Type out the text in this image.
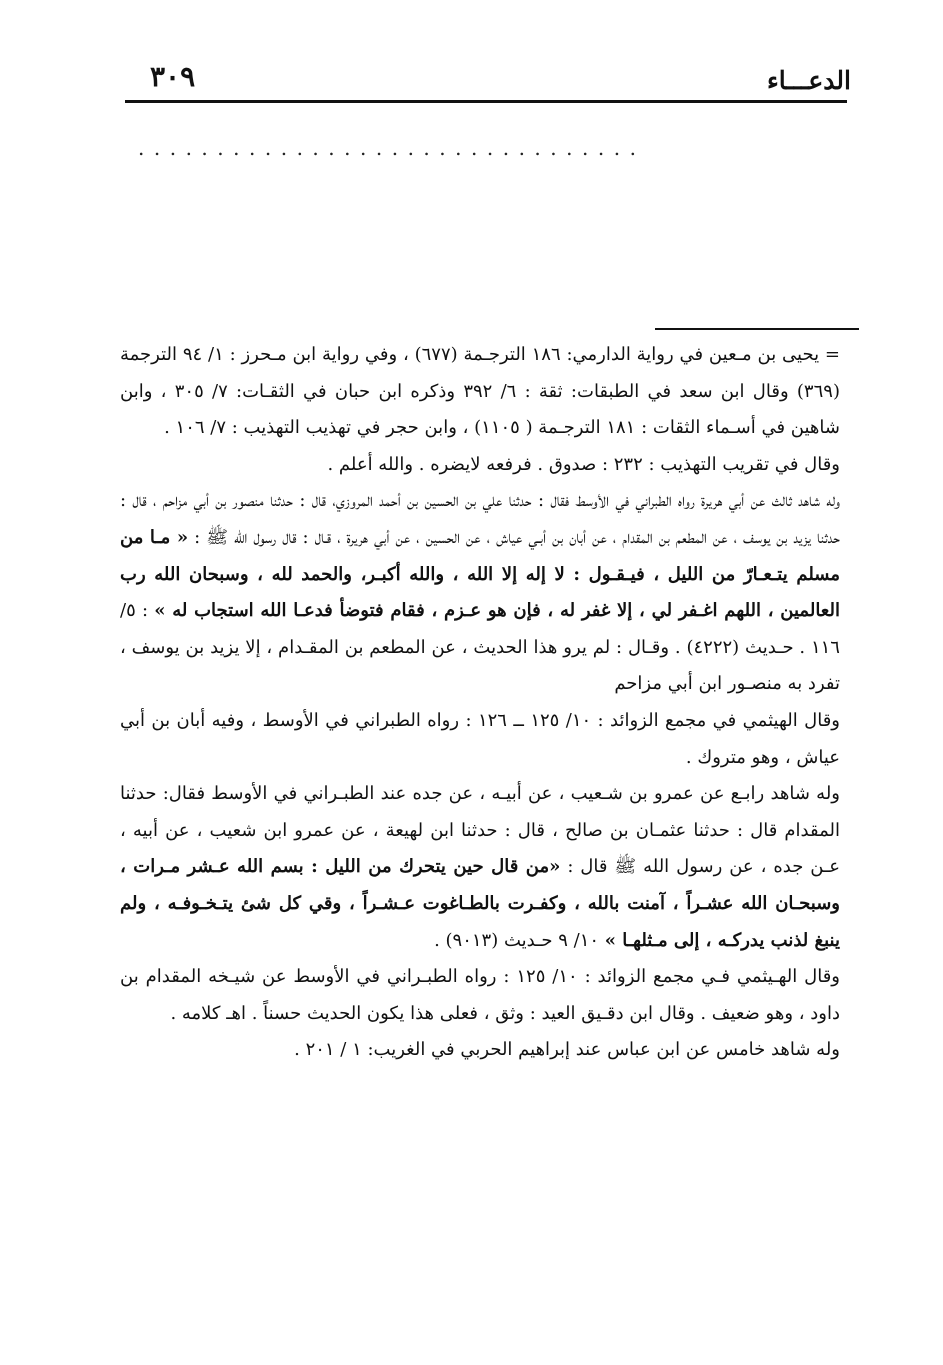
الدعـــاء
٣٠٩
................................

= يحيى بن مـعين في رواية الدارمي: ١٨٦ الترجـمة (٦٧٧) ، وفي رواية ابن مـحرز : ١/ ٩٤ الترجمة (٣٦٩) وقال ابن سعد في الطبقات: ثقة : ٦/ ٣٩٢ وذكره ابن حبان في الثقـات: ٧/ ٣٠٥ ، وابن شاهين في أسـماء الثقات : ١٨١ الترجـمة ( ١١٠٥) ، وابن حجر في تهذيب التهذيب : ٧/ ١٠٦ .

وقال في تقريب التهذيب : ٢٣٢ : صدوق . فرفعه لايضره . والله أعلم .

وله شاهد ثالث عن أبي هريرة رواه الطبراني في الأوسط فقال : حدثنا علي بن الحسين بن أحمد المروزي، قال : حدثنا منصور بن أبي مزاحم ، قال : حدثنا يزيد بن يوسف ، عن المطعم بن المقدام ، عن أبان بن أبـي عياش ، عن الحسين ، عن أبي هريرة ، قـال : قال رسول الله ﷺ : « مـا من مسلم يتـعـارّ من الليل ، فيـقـول : لا إله إلا الله ، والله أكبـر، والحمد لله ، وسبحان الله رب العالمين ، اللهم اغـفر لي ، إلا غفر له ، فإن هو عـزم ، فقام فتوضأ فدعـا الله استجاب له » : ٥/ ١١٦ . حـديث (٤٢٢٢) . وقـال : لم يرو هذا الحديث ، عن المطعم بن المقـدام ، إلا يزيد بن يوسف ، تفرد به منصـور ابن أبي مزاحم

وقال الهيثمي في مجمع الزوائد : ١٠/ ١٢٥ ــ ١٢٦ : رواه الطبراني في الأوسط ، وفيه أبان بن أبي عياش ، وهو متروك .

وله شاهد رابـع عن عمرو بن شـعيب ، عن أبيـه ، عن جده عند الطبـراني في الأوسط فقال: حدثنا المقدام قال : حدثنا عثمـان بن صالح ، قال : حدثنا ابن لهيعة ، عن عمرو ابن شعيب ، عن أبيه ، عـن جده ، عن رسول الله ﷺ قال : «من قال حين يتحرك من الليل : بسم الله عـشر مـرات ، وسبحـان الله عشـراً ، آمنت بالله ، وكفـرت بالطـاغوت عـشـراً ، وقي كل شئ يتـخـوفـه ، ولم ينبغ لذنب يدركـه ، إلى مـثلهـا » ١٠/ ٩ حـديث (٩٠١٣) .

وقال الهـيثمي فـي مجمع الزوائد : ١٠/ ١٢٥ : رواه الطبـراني في الأوسط عن شيـخه المقدام بن داود ، وهو ضعيف . وقال ابن دقـيق العيد : وثق ، فعلى هذا يكون الحديث حسناً . اهـ كلامه .

وله شاهد خامس عن ابن عباس عند إبراهيم الحربي في الغريب: ١ / ٢٠١ .
